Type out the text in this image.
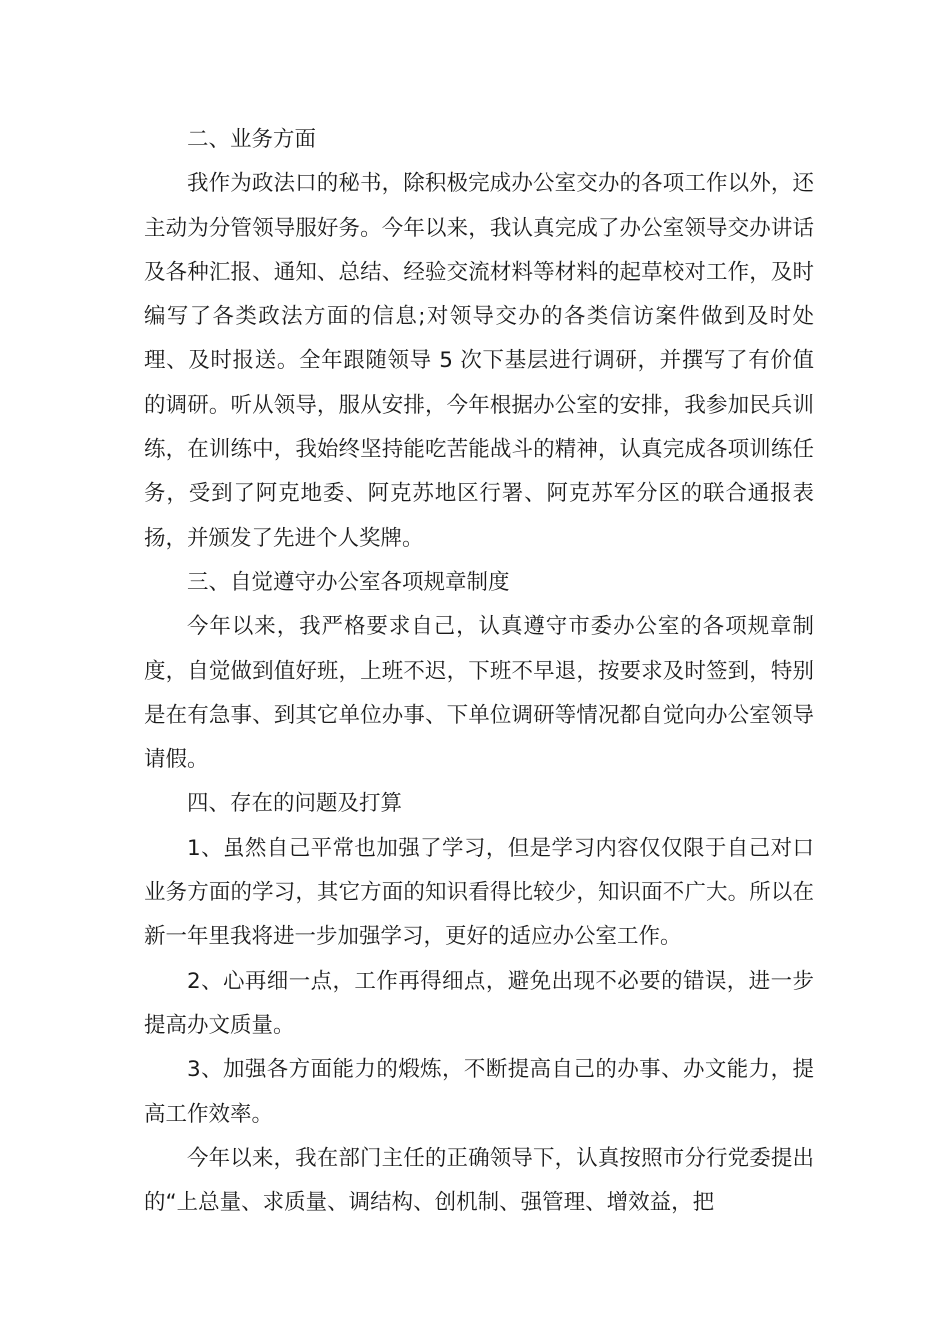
二、业务方面

我作为政法口的秘书，除积极完成办公室交办的各项工作以外，还主动为分管领导服好务。今年以来，我认真完成了办公室领导交办讲话及各种汇报、通知、总结、经验交流材料等材料的起草校对工作，及时编写了各类政法方面的信息;对领导交办的各类信访案件做到及时处理、及时报送。全年跟随领导 5 次下基层进行调研，并撰写了有价值的调研。听从领导，服从安排，今年根据办公室的安排，我参加民兵训练，在训练中，我始终坚持能吃苦能战斗的精神，认真完成各项训练任务，受到了阿克地委、阿克苏地区行署、阿克苏军分区的联合通报表扬，并颁发了先进个人奖牌。

三、自觉遵守办公室各项规章制度

今年以来，我严格要求自己，认真遵守市委办公室的各项规章制度，自觉做到值好班，上班不迟，下班不早退，按要求及时签到，特别是在有急事、到其它单位办事、下单位调研等情况都自觉向办公室领导请假。

四、存在的问题及打算

1、虽然自己平常也加强了学习，但是学习内容仅仅限于自己对口业务方面的学习，其它方面的知识看得比较少，知识面不广大。所以在新一年里我将进一步加强学习，更好的适应办公室工作。

2、心再细一点，工作再得细点，避免出现不必要的错误，进一步提高办文质量。

3、加强各方面能力的煅炼，不断提高自己的办事、办文能力，提高工作效率。

今年以来，我在部门主任的正确领导下，认真按照市分行党委提出的“上总量、求质量、调结构、创机制、强管理、增效益，把
